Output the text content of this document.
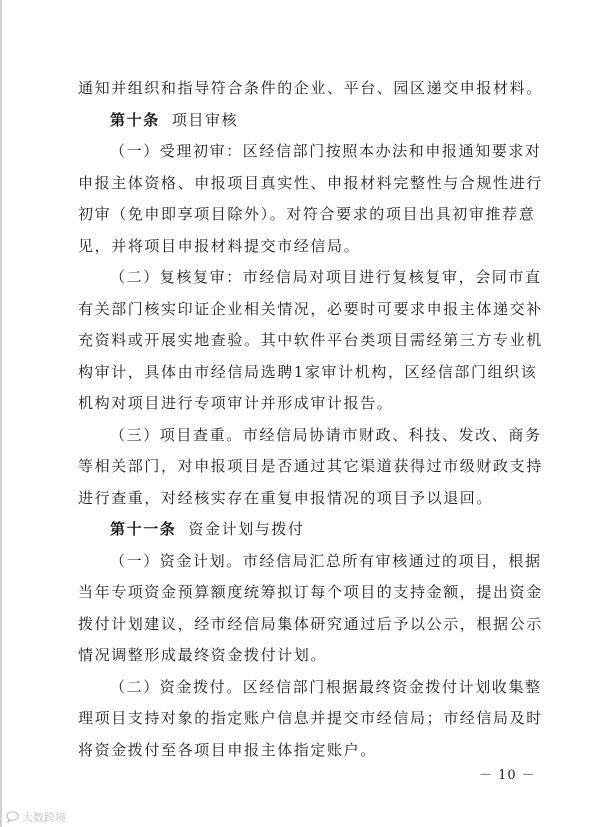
通知并组织和指导符合条件的企业、平台、园区递交申报材料。
第十条 项目审核
（一）受理初审：区经信部门按照本办法和申报通知要求对
申报主体资格、申报项目真实性、申报材料完整性与合规性进行
初审（免申即享项目除外）。对符合要求的项目出具初审推荐意
见，并将项目申报材料提交市经信局。
（二）复核复审：市经信局对项目进行复核复审，会同市直
有关部门核实印证企业相关情况，必要时可要求申报主体递交补
充资料或开展实地查验。其中软件平台类项目需经第三方专业机
构审计，具体由市经信局选聘1家审计机构，区经信部门组织该
机构对项目进行专项审计并形成审计报告。
（三）项目查重。市经信局协请市财政、科技、发改、商务
等相关部门，对申报项目是否通过其它渠道获得过市级财政支持
进行查重，对经核实存在重复申报情况的项目予以退回。
第十一条 资金计划与拨付
（一）资金计划。市经信局汇总所有审核通过的项目，根据
当年专项资金预算额度统筹拟订每个项目的支持金额，提出资金
拨付计划建议，经市经信局集体研究通过后予以公示，根据公示
情况调整形成最终资金拨付计划。
（二）资金拨付。区经信部门根据最终资金拨付计划收集整
理项目支持对象的指定账户信息并提交市经信局；市经信局及时
将资金拨付至各项目申报主体指定账户。
－ 10 －
大数跨境
